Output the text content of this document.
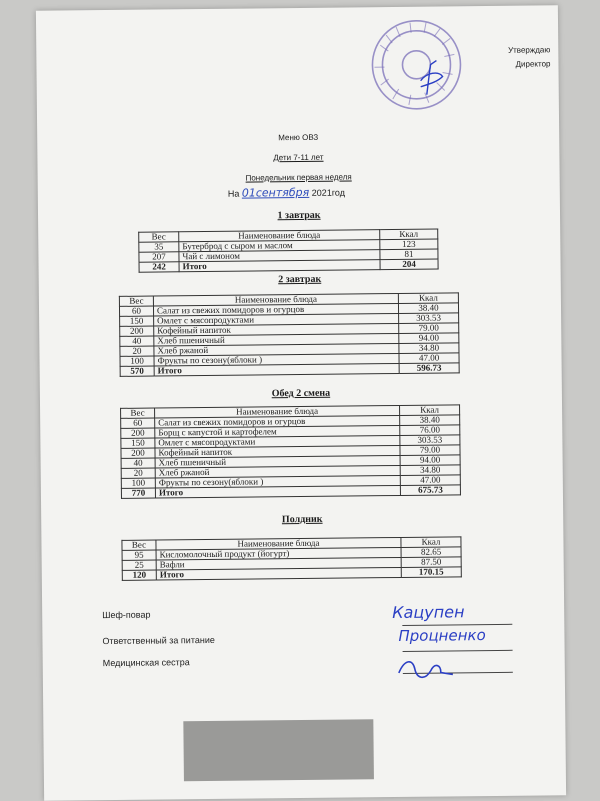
Утверждаю
Директор
Меню ОВЗ
Дети 7-11 лет
Понедельник первая неделя
На 01сентября 2021год
1 завтрак
Вес	Наименование блюда	Ккал
35	Бутерброд с сыром и маслом	123
207	Чай с лимоном	81
242	Итого	204
2 завтрак
Вес	Наименование блюда	Ккал
60	Салат из свежих помидоров и огурцов	38.40
150	Омлет с мясопродуктами	303.53
200	Кофейный напиток	79.00
40	Хлеб пшеничный	94.00
20	Хлеб ржаной	34.80
100	Фрукты по сезону(яблоки )	47.00
570	Итого	596.73
Обед 2 смена
Вес	Наименование блюда	Ккал
60	Салат из свежих помидоров и огурцов	38.40
200	Борщ с капустой и картофелем	76.00
150	Омлет с мясопродуктами	303.53
200	Кофейный напиток	79.00
40	Хлеб пшеничный	94.00
20	Хлеб ржаной	34.80
100	Фрукты по сезону(яблоки )	47.00
770	Итого	675.73
Полдник
Вес	Наименование блюда	Ккал
95	Кисломолочный продукт (йогурт)	82.65
25	Вафли	87.50
120	Итого	170.15
Шеф-повар
Ответственный за питание
Медицинская сестра
Кацупен
Процненко
